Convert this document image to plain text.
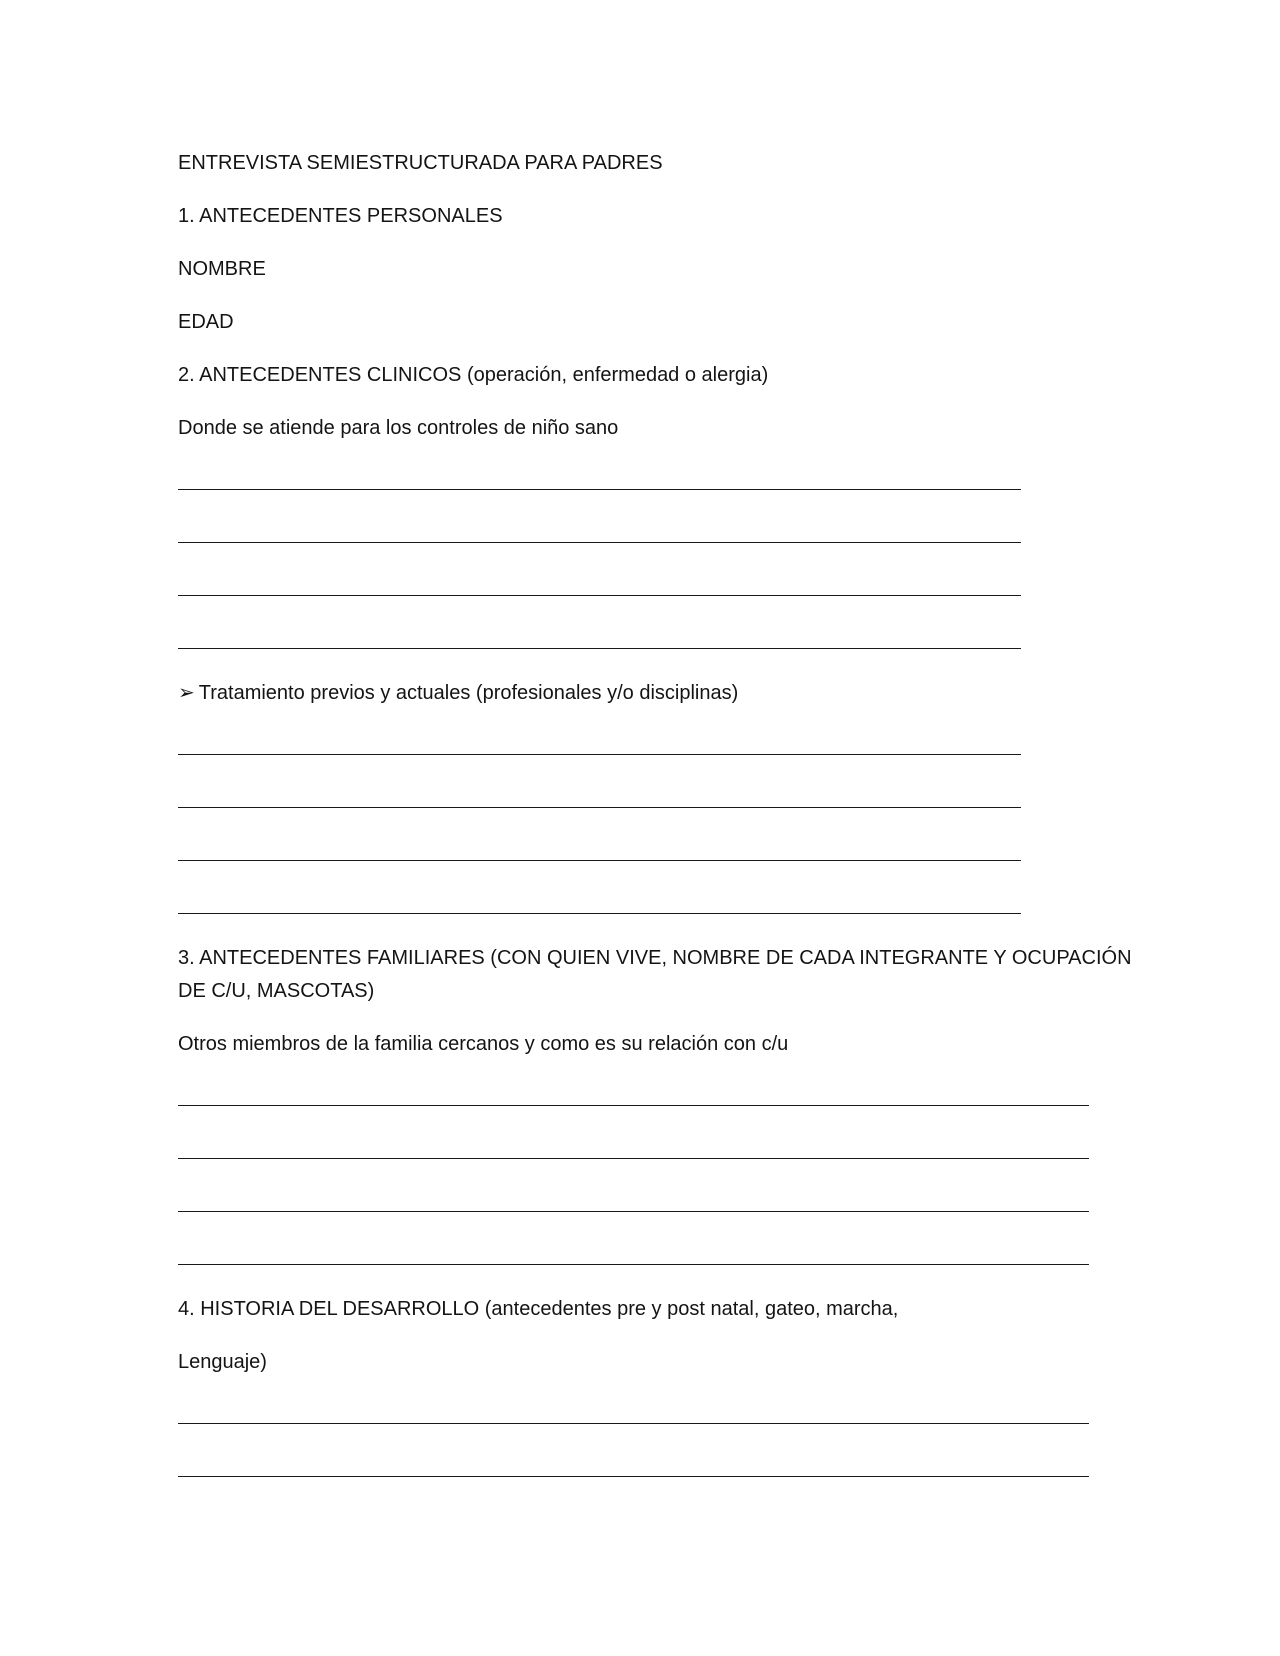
ENTREVISTA SEMIESTRUCTURADA PARA PADRES
1. ANTECEDENTES PERSONALES
NOMBRE
EDAD
2. ANTECEDENTES CLINICOS (operación, enfermedad o alergia)
Donde se atiende para los controles de niño sano
➢ Tratamiento previos y actuales (profesionales y/o disciplinas)
3. ANTECEDENTES FAMILIARES (CON QUIEN VIVE, NOMBRE DE CADA INTEGRANTE Y OCUPACIÓN
DE C/U, MASCOTAS)
Otros miembros de la familia cercanos y como es su relación con c/u
4. HISTORIA DEL DESARROLLO (antecedentes pre y post natal, gateo, marcha,
Lenguaje)
